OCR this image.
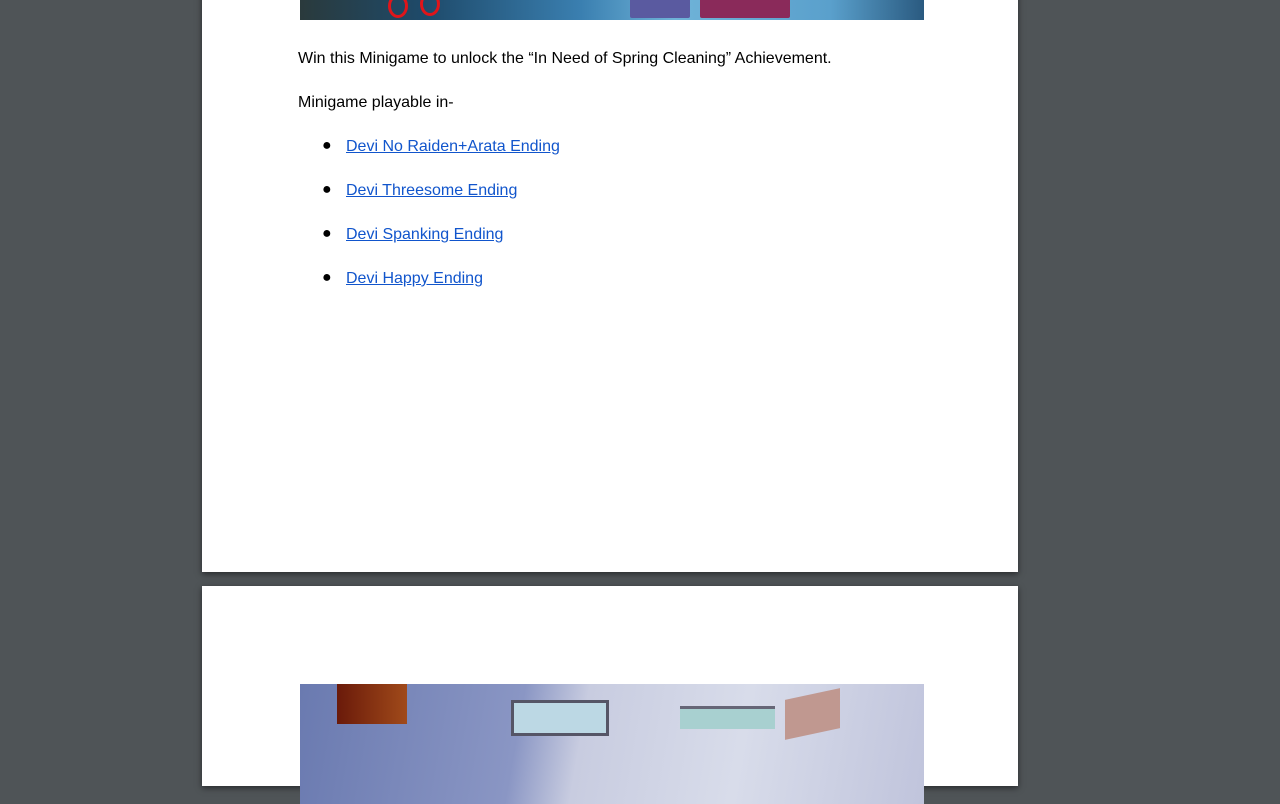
Win this Minigame to unlock the “In Need of Spring Cleaning” Achievement.

Minigame playable in-

● Devi No Raiden+Arata Ending
● Devi Threesome Ending
● Devi Spanking Ending
● Devi Happy Ending
